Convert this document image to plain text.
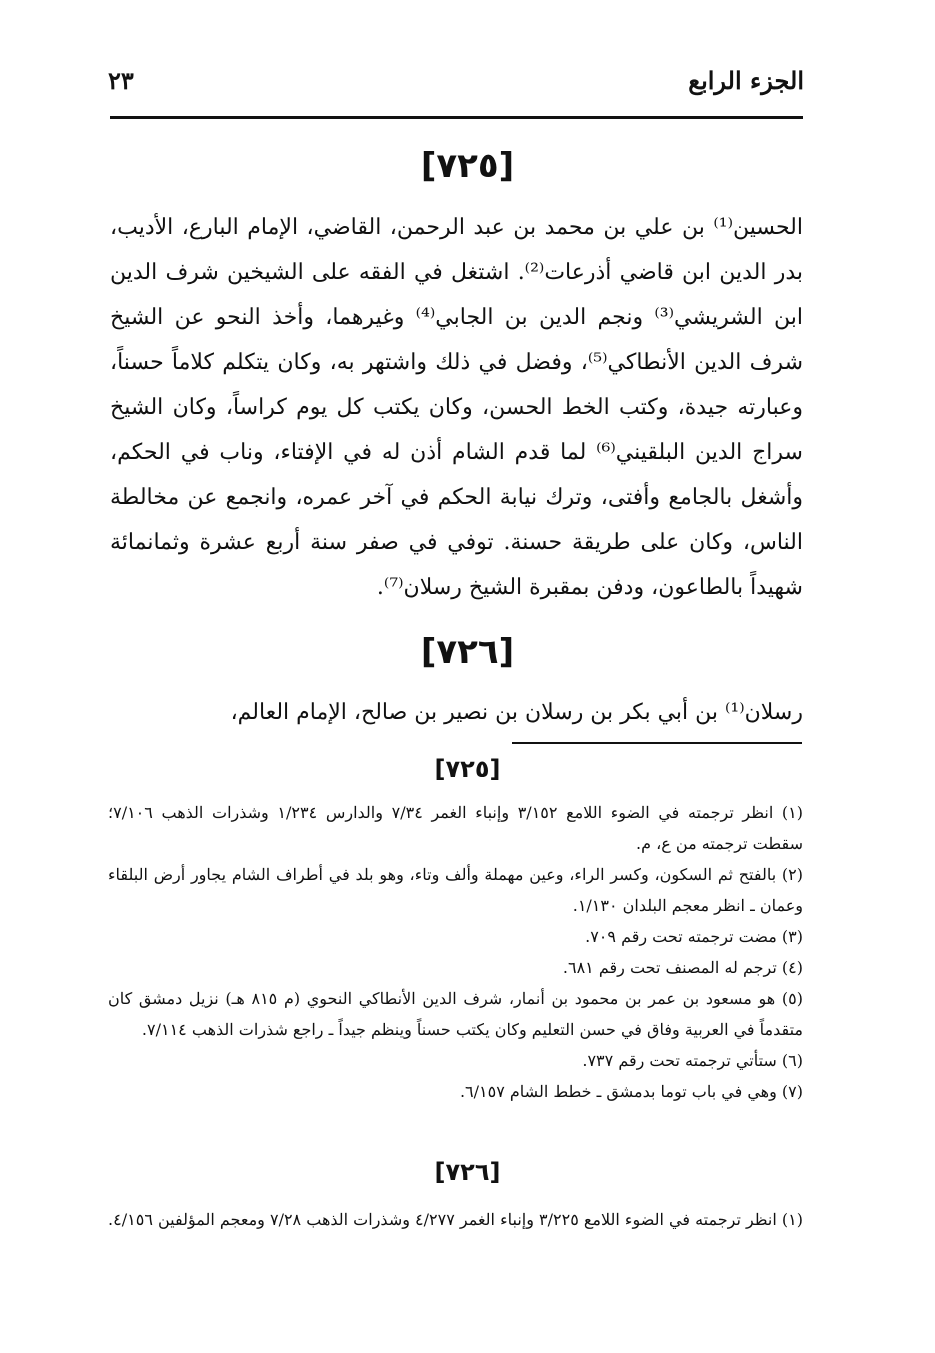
الجزء الرابع
٢٣
[٧٢٥]
الحسين⁽¹⁾ بن علي بن محمد بن عبد الرحمن، القاضي، الإمام البارع، الأديب، بدر الدين ابن قاضي أذرعات⁽²⁾. اشتغل في الفقه على الشيخين شرف الدين ابن الشريشي⁽³⁾ ونجم الدين بن الجابي⁽⁴⁾ وغيرهما، وأخذ النحو عن الشيخ شرف الدين الأنطاكي⁽⁵⁾، وفضل في ذلك واشتهر به، وكان يتكلم كلاماً حسناً، وعبارته جيدة، وكتب الخط الحسن، وكان يكتب كل يوم كراساً، وكان الشيخ سراج الدين البلقيني⁽⁶⁾ لما قدم الشام أذن له في الإفتاء، وناب في الحكم، وأشغل بالجامع وأفتى، وترك نيابة الحكم في آخر عمره، وانجمع عن مخالطة الناس، وكان على طريقة حسنة. توفي في صفر سنة أربع عشرة وثمانمائة شهيداً بالطاعون، ودفن بمقبرة الشيخ رسلان⁽⁷⁾.
[٧٢٦]
رسلان⁽¹⁾ بن أبي بكر بن رسلان بن نصير بن صالح، الإمام العالم،
[٧٢٥]

(١) انظر ترجمته في الضوء اللامع ٣/١٥٢ وإنباء الغمر ٧/٣٤ والدارس ١/٢٣٤ وشذرات الذهب ٧/١٠٦؛ سقطت ترجمته من ع، م.

(٢) بالفتح ثم السكون، وكسر الراء، وعين مهملة وألف وتاء، وهو بلد في أطراف الشام يجاور أرض البلقاء وعمان ـ انظر معجم البلدان ١/١٣٠.

(٣) مضت ترجمته تحت رقم ٧٠٩.

(٤) ترجم له المصنف تحت رقم ٦٨١.

(٥) هو مسعود بن عمر بن محمود بن أنمار، شرف الدين الأنطاكي النحوي (م ٨١٥ هـ) نزيل دمشق كان متقدماً في العربية وفاق في حسن التعليم وكان يكتب حسناً وينظم جيداً ـ راجع شذرات الذهب ٧/١١٤.

(٦) ستأتي ترجمته تحت رقم ٧٣٧.

(٧) وهي في باب توما بدمشق ـ خطط الشام ٦/١٥٧.

[٧٢٦]

(١) انظر ترجمته في الضوء اللامع ٣/٢٢٥ وإنباء الغمر ٤/٢٧٧ وشذرات الذهب ٧/٢٨ ومعجم المؤلفين ٤/١٥٦.
